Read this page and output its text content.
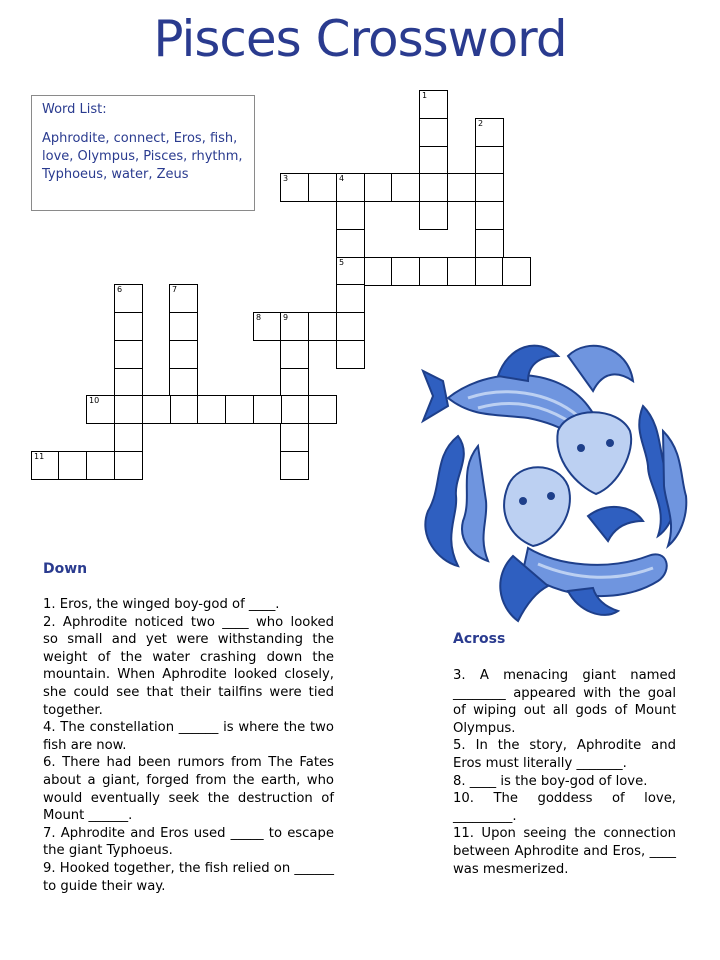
Pisces Crossword
Word List:
Aphrodite, connect, Eros, fish, love, Olympus, Pisces, rhythm, Typhoeus, water, Zeus
1
2
3	4
5
6	7
8	9
10
11
Down

1. Eros, the winged boy-god of ____.

2. Aphrodite noticed two ____ who looked so small and yet were withstanding the weight of the water crashing down the mountain. When Aphrodite looked closely, she could see that their tailfins were tied together.

4. The constellation ______ is where the two fish are now.

6. There had been rumors from The Fates about a giant, forged from the earth, who would eventually seek the destruction of Mount ______.

7. Aphrodite and Eros used _____ to escape the giant Typhoeus.

9. Hooked together, the fish relied on ______ to guide their way.

Across

3. A menacing giant named ________ appeared with the goal of wiping out all gods of Mount Olympus.

5. In the story, Aphrodite and Eros must literally _______.

8. ____ is the boy-god of love.

10. The goddess of love, _________.

11. Upon seeing the connection between Aphrodite and Eros, ____ was mesmerized.
